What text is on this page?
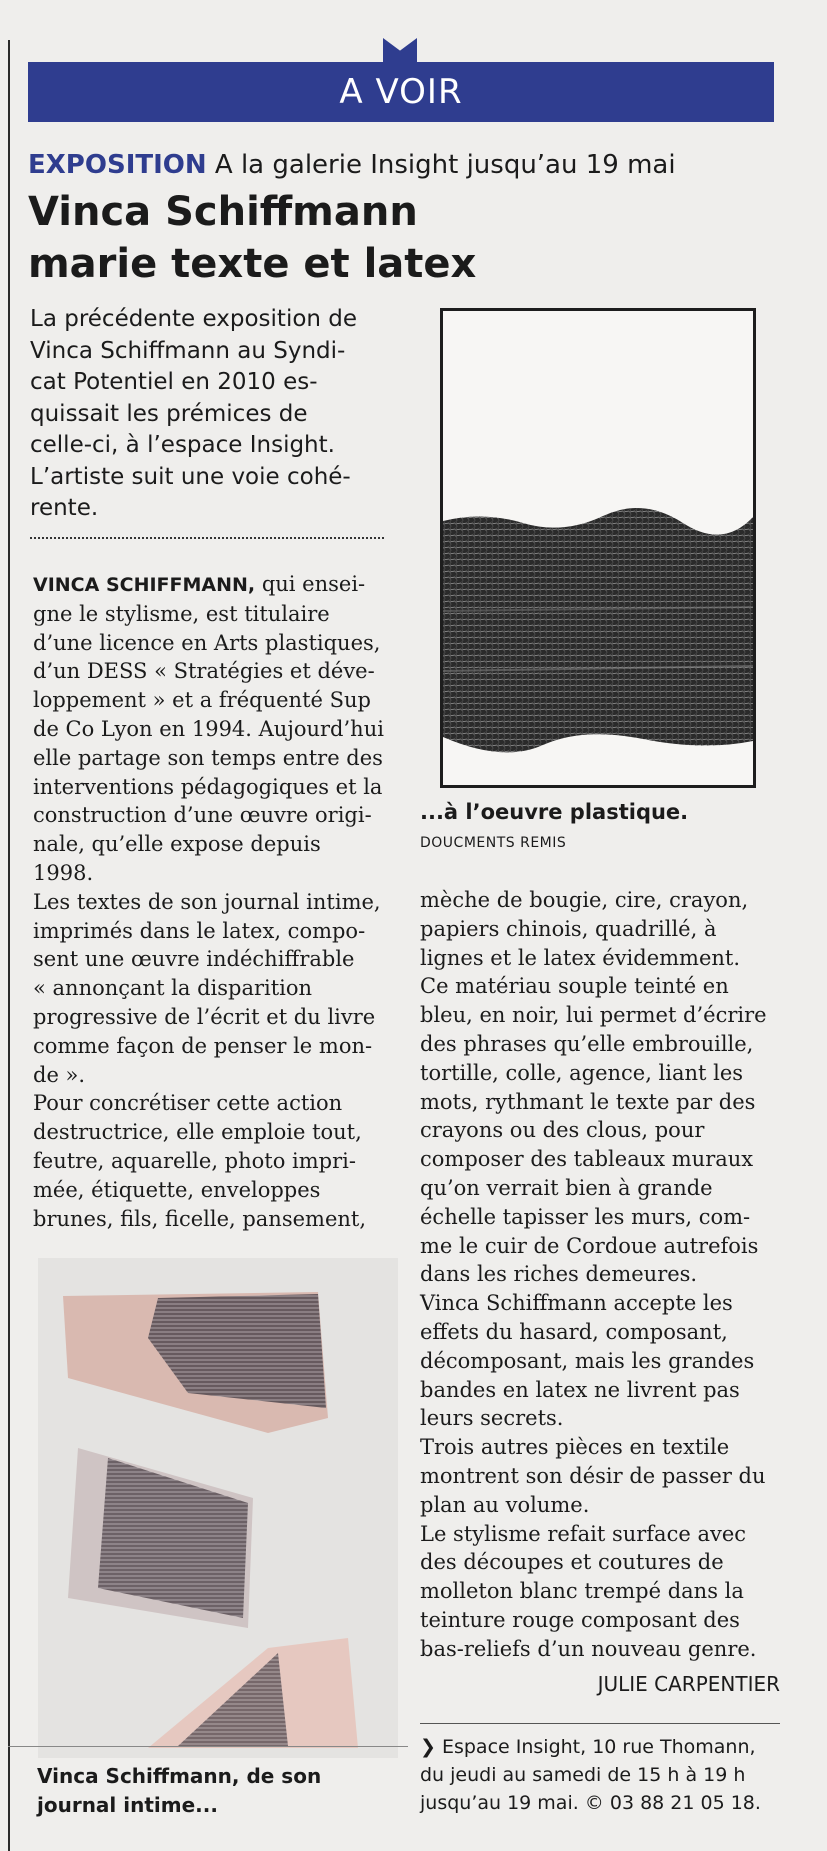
A VOIR
EXPOSITION A la galerie Insight jusqu’au 19 mai
Vinca Schiffmann
marie texte et latex
La précédente exposition de
Vinca Schiffmann au Syndi-
cat Potentiel en 2010 es-
quissait les prémices de
celle-ci, à l’espace Insight.
L’artiste suit une voie cohé-
rente.
...à l’oeuvre plastique.
DOUCMENTS REMIS
VINCA SCHIFFMANN, qui ensei-
gne le stylisme, est titulaire
d’une licence en Arts plastiques,
d’un DESS « Stratégies et déve-
loppement » et a fréquenté Sup
de Co Lyon en 1994. Aujourd’hui
elle partage son temps entre des
interventions pédagogiques et la
construction d’une œuvre origi-
nale, qu’elle expose depuis
1998.
Les textes de son journal intime,
imprimés dans le latex, compo-
sent une œuvre indéchiffrable
« annonçant la disparition
progressive de l’écrit et du livre
comme façon de penser le mon-
de ».
Pour concrétiser cette action
destructrice, elle emploie tout,
feutre, aquarelle, photo impri-
mée, étiquette, enveloppes
brunes, fils, ficelle, pansement,
Vinca Schiffmann, de son
journal intime...
mèche de bougie, cire, crayon,
papiers chinois, quadrillé, à
lignes et le latex évidemment.
Ce matériau souple teinté en
bleu, en noir, lui permet d’écrire
des phrases qu’elle embrouille,
tortille, colle, agence, liant les
mots, rythmant le texte par des
crayons ou des clous, pour
composer des tableaux muraux
qu’on verrait bien à grande
échelle tapisser les murs, com-
me le cuir de Cordoue autrefois
dans les riches demeures.
Vinca Schiffmann accepte les
effets du hasard, composant,
décomposant, mais les grandes
bandes en latex ne livrent pas
leurs secrets.
Trois autres pièces en textile
montrent son désir de passer du
plan au volume.
Le stylisme refait surface avec
des découpes et coutures de
molleton blanc trempé dans la
teinture rouge composant des
bas-reliefs d’un nouveau genre.
JULIE CARPENTIER
❯ Espace Insight, 10 rue Thomann,
du jeudi au samedi de 15 h à 19 h
jusqu’au 19 mai. © 03 88 21 05 18.
